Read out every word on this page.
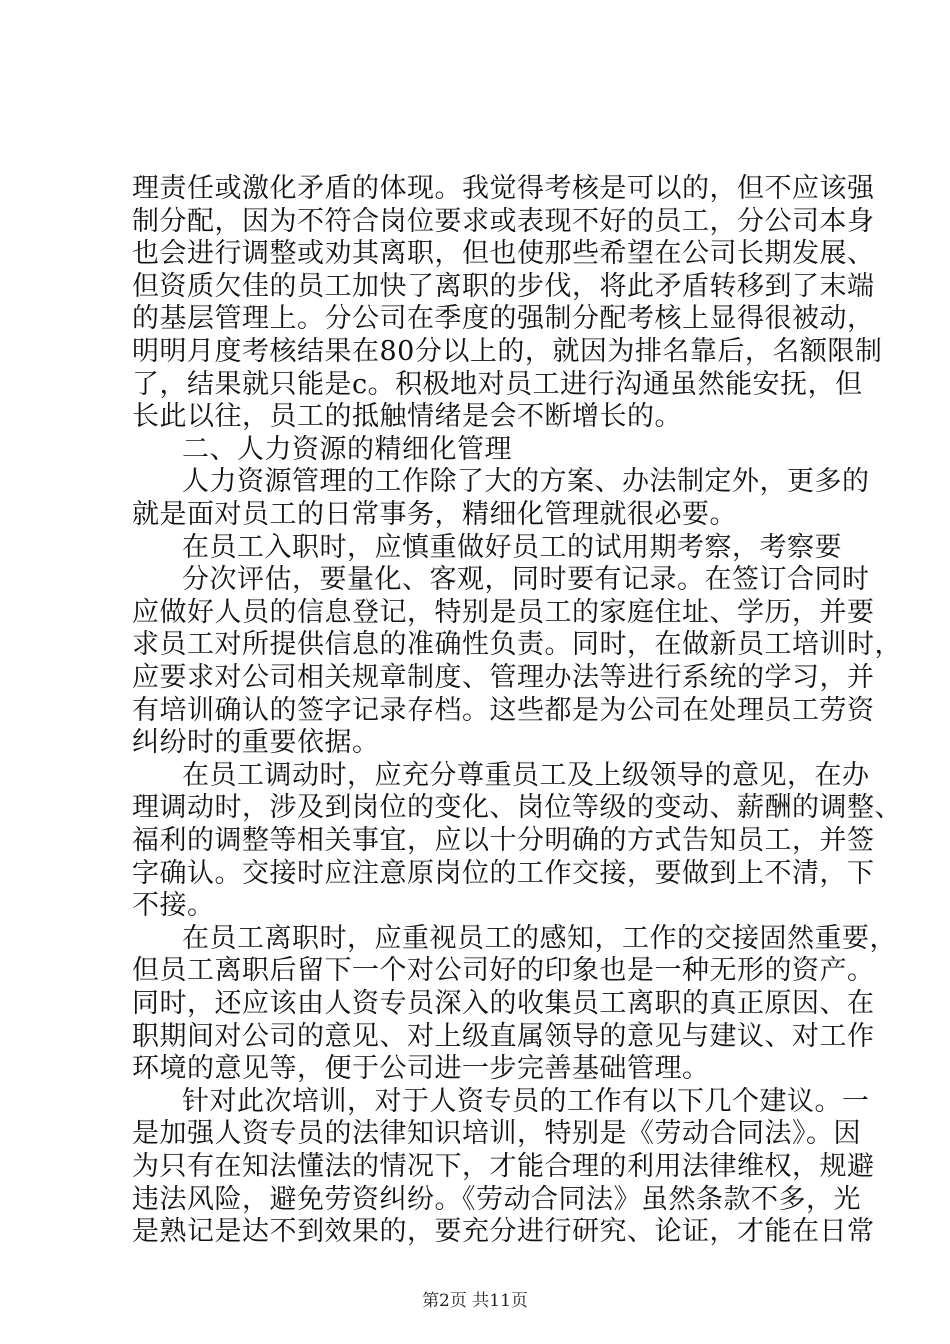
理责任或激化矛盾的体现。我觉得考核是可以的，但不应该强
制分配，因为不符合岗位要求或表现不好的员工，分公司本身
也会进行调整或劝其离职，但也使那些希望在公司长期发展、
但资质欠佳的员工加快了离职的步伐，将此矛盾转移到了末端
的基层管理上。分公司在季度的强制分配考核上显得很被动，
明明月度考核结果在80分以上的，就因为排名靠后，名额限制
了，结果就只能是c。积极地对员工进行沟通虽然能安抚，但
长此以往，员工的抵触情绪是会不断增长的。
二、人力资源的精细化管理
人力资源管理的工作除了大的方案、办法制定外，更多的
就是面对员工的日常事务，精细化管理就很必要。
在员工入职时，应慎重做好员工的试用期考察，考察要
分次评估，要量化、客观，同时要有记录。在签订合同时
应做好人员的信息登记，特别是员工的家庭住址、学历，并要
求员工对所提供信息的准确性负责。同时，在做新员工培训时，
应要求对公司相关规章制度、管理办法等进行系统的学习，并
有培训确认的签字记录存档。这些都是为公司在处理员工劳资
纠纷时的重要依据。
在员工调动时，应充分尊重员工及上级领导的意见，在办
理调动时，涉及到岗位的变化、岗位等级的变动、薪酬的调整、
福利的调整等相关事宜，应以十分明确的方式告知员工，并签
字确认。交接时应注意原岗位的工作交接，要做到上不清，下
不接。
在员工离职时，应重视员工的感知，工作的交接固然重要，
但员工离职后留下一个对公司好的印象也是一种无形的资产。
同时，还应该由人资专员深入的收集员工离职的真正原因、在
职期间对公司的意见、对上级直属领导的意见与建议、对工作
环境的意见等，便于公司进一步完善基础管理。
针对此次培训，对于人资专员的工作有以下几个建议。一
是加强人资专员的法律知识培训，特别是《劳动合同法》。因
为只有在知法懂法的情况下，才能合理的利用法律维权，规避
违法风险，避免劳资纠纷。《劳动合同法》虽然条款不多，光
是熟记是达不到效果的，要充分进行研究、论证，才能在日常
第2页 共11页
